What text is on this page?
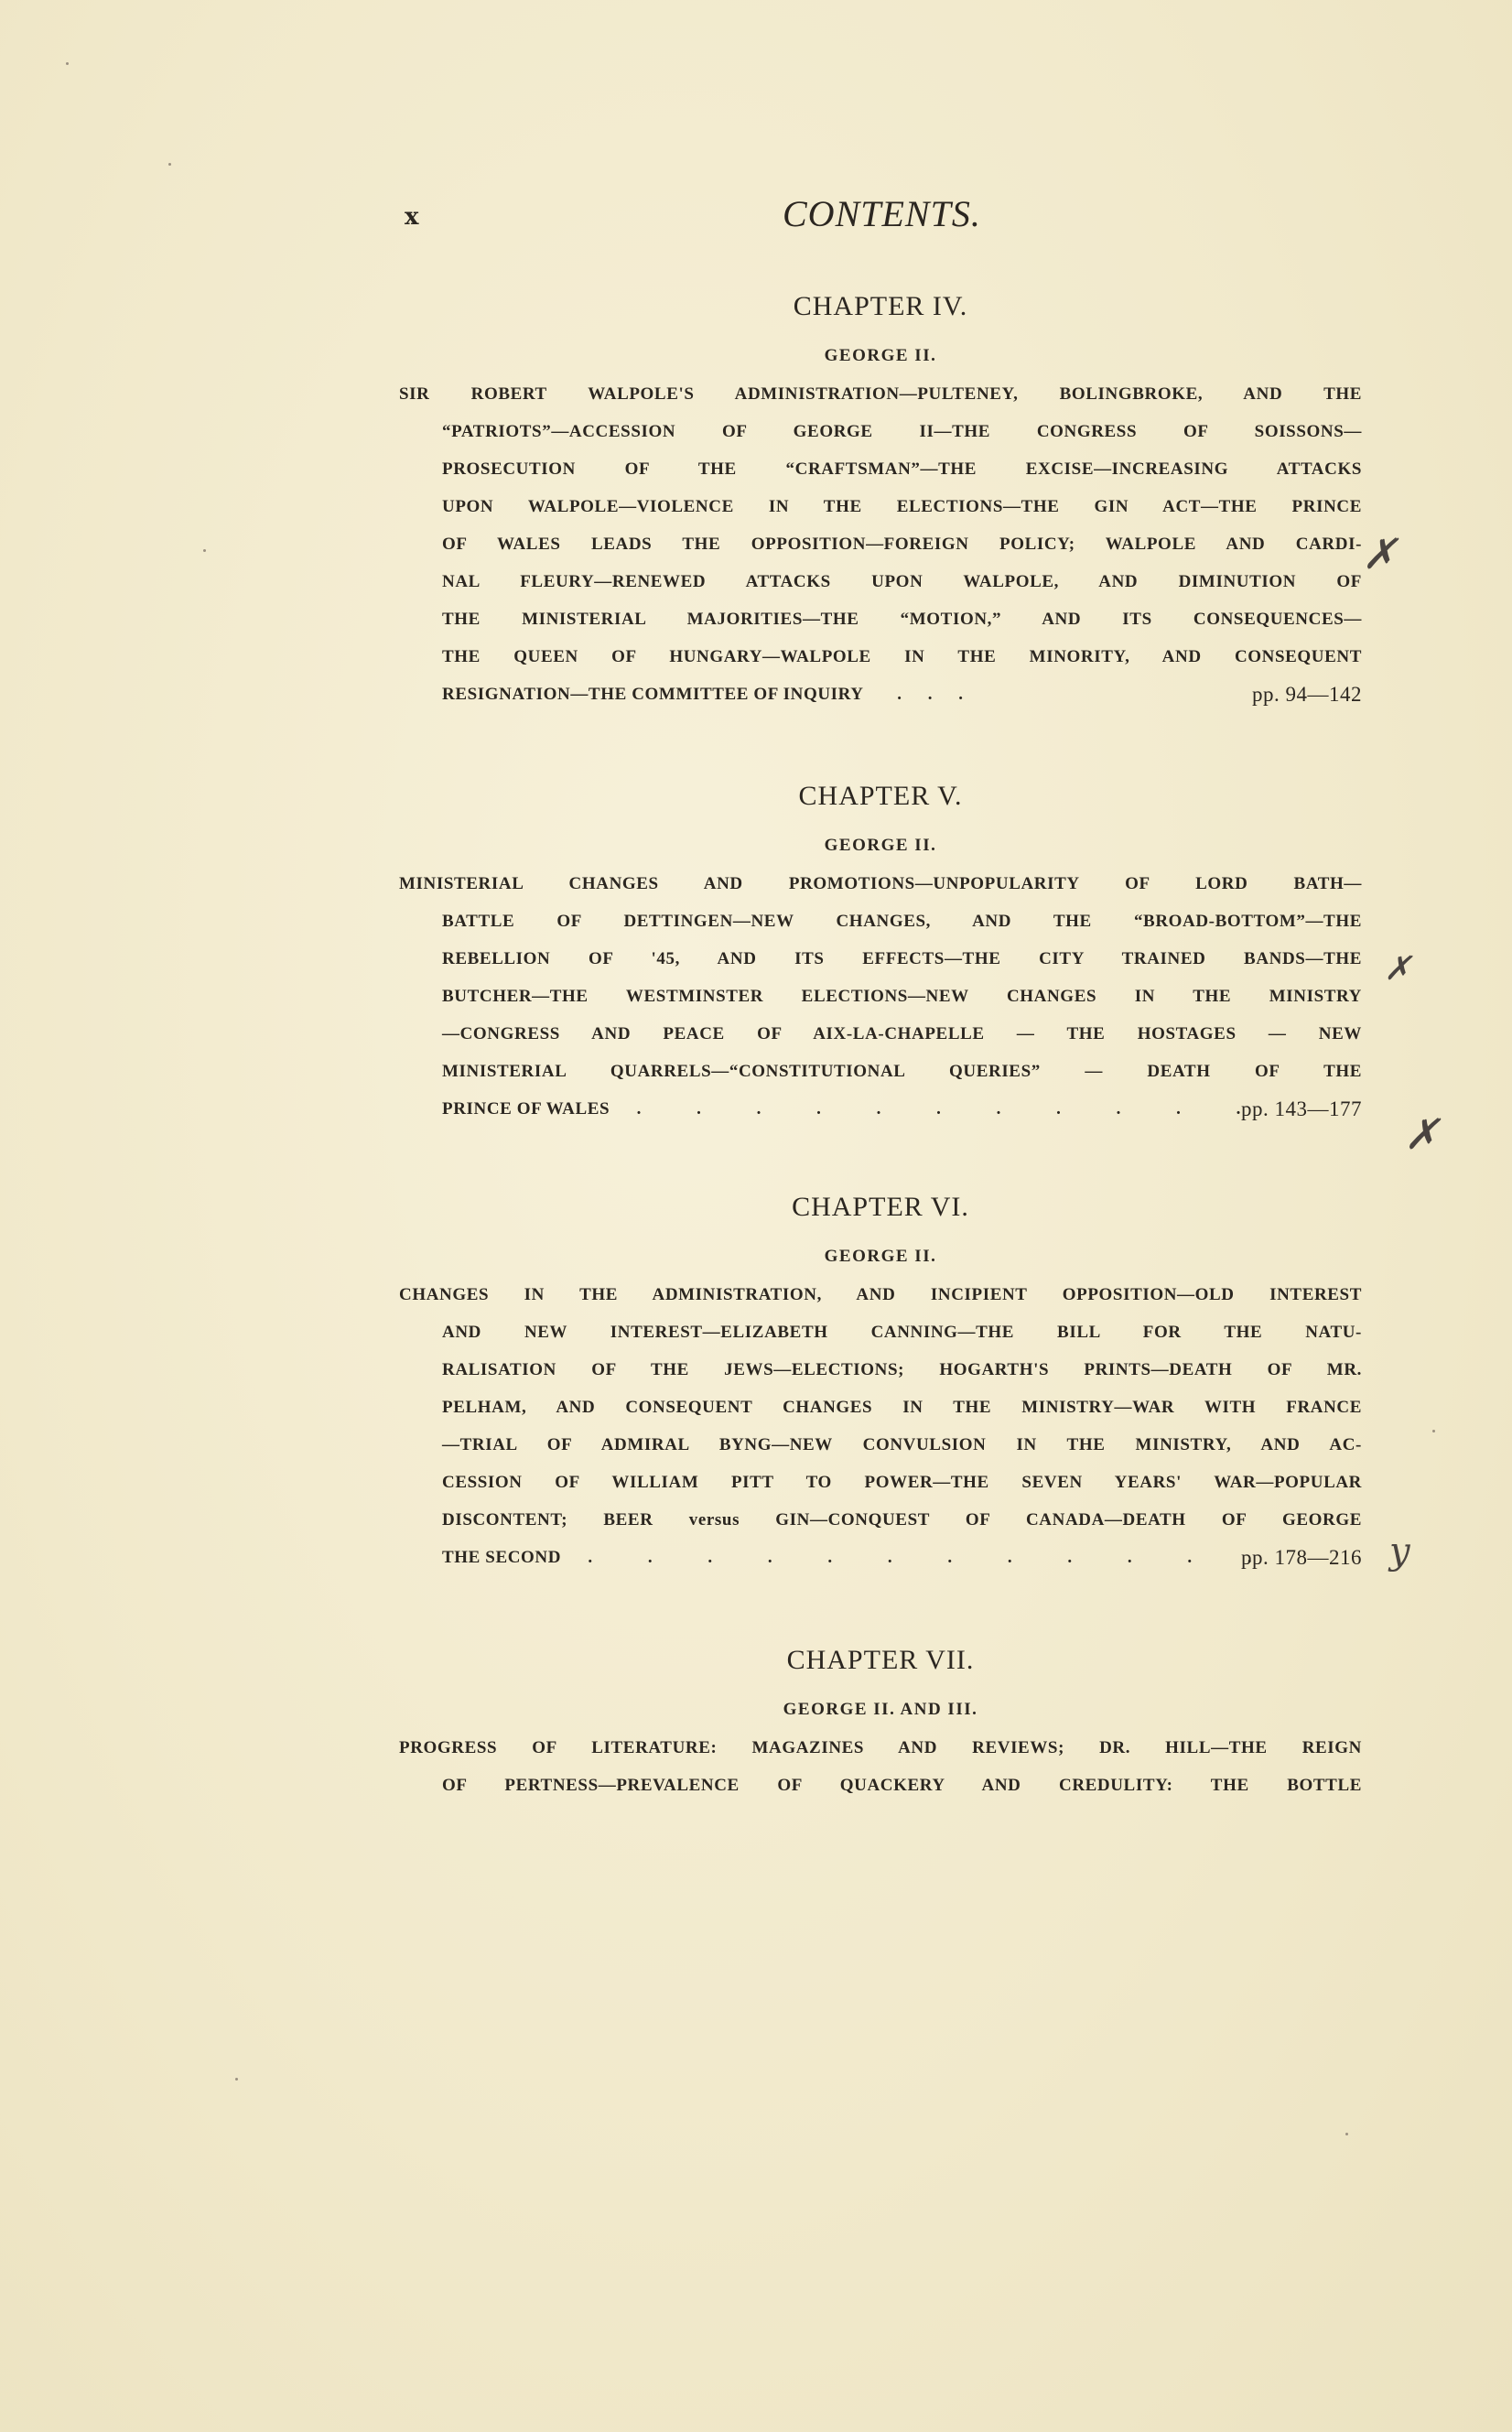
x	CONTENTS.
CHAPTER IV.
GEORGE II.
SIR ROBERT WALPOLE'S ADMINISTRATION—PULTENEY, BOLINGBROKE, AND THE
“PATRIOTS”—ACCESSION OF GEORGE II—THE CONGRESS OF SOISSONS—
PROSECUTION OF THE “CRAFTSMAN”—THE EXCISE—INCREASING ATTACKS
UPON WALPOLE—VIOLENCE IN THE ELECTIONS—THE GIN ACT—THE PRINCE
OF WALES LEADS THE OPPOSITION—FOREIGN POLICY; WALPOLE AND CARDI-
NAL FLEURY—RENEWED ATTACKS UPON WALPOLE, AND DIMINUTION OF
THE MINISTERIAL MAJORITIES—THE “MOTION,” AND ITS CONSEQUENCES—
THE QUEEN OF HUNGARY—WALPOLE IN THE MINORITY, AND CONSEQUENT
RESIGNATION—THE COMMITTEE OF INQUIRY . . .	pp. 94—142
CHAPTER V.
GEORGE II.
MINISTERIAL CHANGES AND PROMOTIONS—UNPOPULARITY OF LORD BATH—
BATTLE OF DETTINGEN—NEW CHANGES, AND THE “BROAD-BOTTOM”—THE
REBELLION OF '45, AND ITS EFFECTS—THE CITY TRAINED BANDS—THE
BUTCHER—THE WESTMINSTER ELECTIONS—NEW CHANGES IN THE MINISTRY
—CONGRESS AND PEACE OF AIX-LA-CHAPELLE — THE HOSTAGES — NEW
MINISTERIAL QUARRELS—“CONSTITUTIONAL QUERIES” — DEATH OF THE
PRINCE OF WALES . . . . . . . . . . .
pp. 143—177
CHAPTER VI.
GEORGE II.
CHANGES IN THE ADMINISTRATION, AND INCIPIENT OPPOSITION—OLD INTEREST
AND NEW INTEREST—ELIZABETH CANNING—THE BILL FOR THE NATU-
RALISATION OF THE JEWS—ELECTIONS; HOGARTH'S PRINTS—DEATH OF MR.
PELHAM, AND CONSEQUENT CHANGES IN THE MINISTRY—WAR WITH FRANCE
—TRIAL OF ADMIRAL BYNG—NEW CONVULSION IN THE MINISTRY, AND AC-
CESSION OF WILLIAM PITT TO POWER—THE SEVEN YEARS' WAR—POPULAR
DISCONTENT; BEER versus GIN—CONQUEST OF CANADA—DEATH OF GEORGE
THE SECOND . . . . . . . . . . . .
pp. 178—216
CHAPTER VII.
GEORGE II. AND III.
PROGRESS OF LITERATURE: MAGAZINES AND REVIEWS; DR. HILL—THE REIGN
OF PERTNESS—PREVALENCE OF QUACKERY AND CREDULITY: THE BOTTLE
✗
✗
✗
y
